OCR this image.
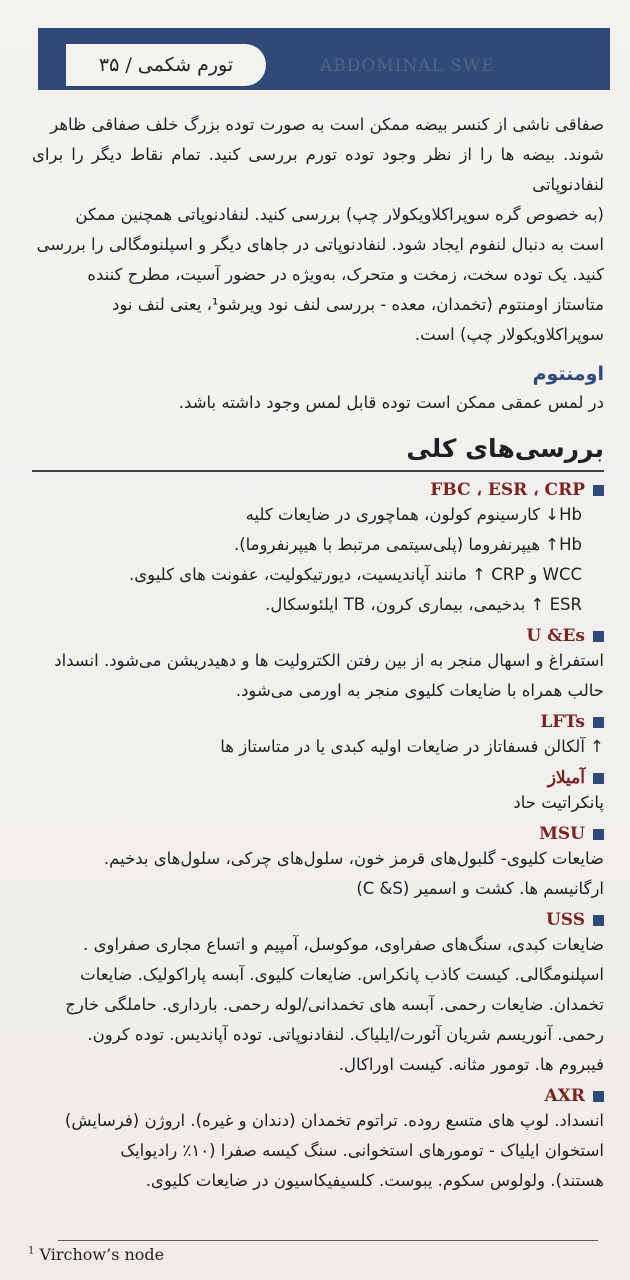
ABDOMINAL SWE
تورم شکمی / ۳۵
صفاقی ناشی از کنسر بیضه ممکن است به صورت توده بزرگ خلف صفاقی ظاهر
شوند. بیضه ها را از نظر وجود توده تورم بررسی کنید. تمام نقاط دیگر را برای لنفادنوپاتی
(به خصوص گره سوپراکلاویکولار چپ) بررسی کنید. لنفادنوپاتی همچنین ممکن
است به دنبال لنفوم ایجاد شود. لنفادنوپاتی در جاهای دیگر و اسپلنومگالی را بررسی
کنید. یک توده سخت، زمخت و متحرک، به‌ویژه در حضور آسیت، مطرح کننده
متاستاز اومنتوم (تخمدان، معده - بررسی لنف نود ویرشو¹، یعنی لنف نود
سوپراکلاویکولار چپ) است.
اومنتوم

در لمس عمقی ممکن است توده قابل لمس وجود داشته باشد.

بررسی‌های کلی
FBC ، ESR ، CRP
Hb↓ کارسینوم کولون، هماچوری در ضایعات کلیه
Hb↑ هیپرنفروما (پلی‌سیتمی مرتبط با هیپرنفروما).
WCC و CRP ↑ مانند آپاندیسیت، دیورتیکولیت، عفونت های کلیوی.
ESR ↑ بدخیمی، بیماری کرون، TB ایلئوسکال.
U &Es
استفراغ و اسهال منجر به از بین رفتن الکترولیت ها و دهیدریشن می‌شود. انسداد
حالب همراه با ضایعات کلیوی منجر به اورمی می‌شود.
LFTs
↑ آلکالن فسفاتاز در ضایعات اولیه کبدی یا در متاستاز ها
آمیلاز
پانکراتیت حاد
MSU
ضایعات کلیوی- گلبول‌های قرمز خون، سلول‌های چرکی، سلول‌های بدخیم.
ارگانیسم ها. کشت و اسمیر (C &S)
USS
ضایعات کبدی، سنگ‌های صفراوی، موکوسل، آمپیم و اتساع مجاری صفراوی .
اسپلنومگالی. کیست کاذب پانکراس. ضایعات کلیوی. آبسه پاراکولیک. ضایعات
تخمدان. ضایعات رحمی. آبسه های تخمدانی/لوله رحمی. بارداری. حاملگی خارج
رحمی. آنوریسم شریان آئورت/ایلیاک. لنفادنوپاتی. توده آپاندیس. توده کرون.
فیبروم ها. تومور مثانه. کیست اوراکال.
AXR
انسداد. لوپ های متسع روده. تراتوم تخمدان (دندان و غیره). اروژن (فرسایش)
استخوان ایلیاک - تومورهای استخوانی. سنگ کیسه صفرا (۱۰٪ رادیوایک
هستند). ولولوس سکوم. یبوست. کلسیفیکاسیون در ضایعات کلیوی.
$^1$ Virchow’s node
